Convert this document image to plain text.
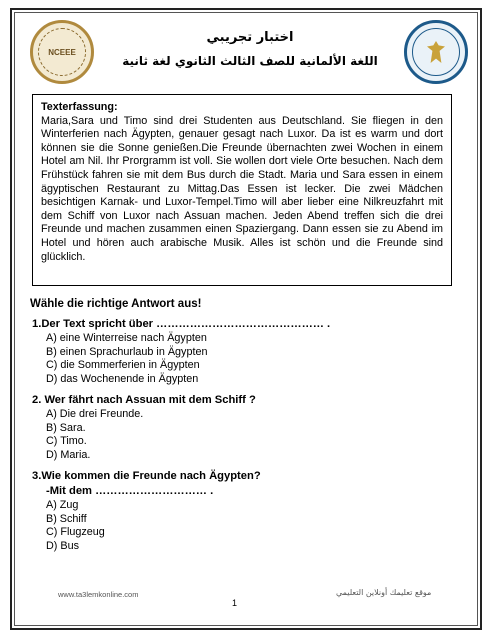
NCEEE
اختبار تجريبي
اللغة الألمانية للصف الثالث الثانوي لغة ثانية
Texterfassung:
Maria,Sara und Timo sind drei Studenten aus Deutschland. Sie fliegen in den Winterferien nach Ägypten, genauer gesagt nach Luxor. Da ist es warm und dort können sie die Sonne genießen.Die Freunde übernachten zwei Wochen in einem Hotel am Nil. Ihr Prorgramm ist voll. Sie wollen dort viele Orte besuchen. Nach dem Frühstück fahren sie mit dem Bus durch die Stadt. Maria und Sara essen in einem ägyptischen Restaurant zu Mittag.Das Essen ist lecker. Die zwei Mädchen besichtigen Karnak- und Luxor-Tempel.Timo will aber lieber eine Nilkreuzfahrt mit dem Schiff von Luxor nach Assuan machen. Jeden Abend treffen sich die drei Freunde und machen zusammen einen Spaziergang. Dann essen sie zu Abend im Hotel und hören auch arabische Musik. Alles ist schön und die Freunde sind glücklich.
Wähle die richtige Antwort aus!
1.Der Text spricht über ……………………………………… .
A) eine Winterreise nach Ägypten
B) einen Sprachurlaub in Ägypten
C) die Sommerferien in Ägypten
D) das Wochenende in Ägypten
2. Wer fährt nach Assuan mit dem Schiff ?
A) Die drei Freunde.
B) Sara.
C) Timo.
D) Maria.
3.Wie kommen die Freunde nach Ägypten?
-Mit dem ………………………… .
A) Zug
B) Schiff
C) Flugzeug
D) Bus
www.ta3lemkonline.com
1
موقع تعليمك أونلاين التعليمي
